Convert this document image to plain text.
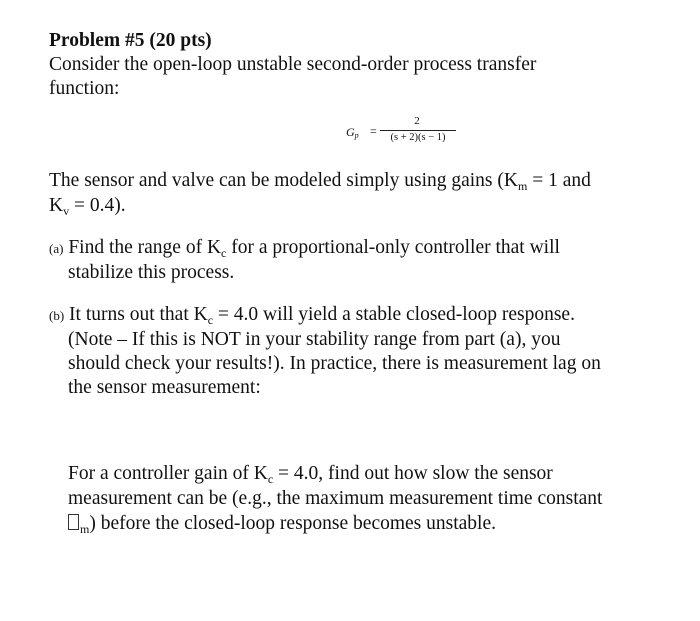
Problem #5 (20 pts)
Consider the open-loop unstable second-order process transfer
function:
$G_p$ =
2
(s + 2)(s − 1)
The sensor and valve can be modeled simply using gains ($K_m = 1$ and
$K_v = 0.4$).
(a) Find the range of $K_c$ for a proportional-only controller that will
stabilize this process.
(b) It turns out that $K_c = 4.0$ will yield a stable closed-loop response.
(Note – If this is NOT in your stability range from part (a), you
should check your results!). In practice, there is measurement lag on
the sensor measurement:
For a controller gain of $K_c = 4.0$, find out how slow the sensor
measurement can be (e.g., the maximum measurement time constant
$_m$) before the closed-loop response becomes unstable.
